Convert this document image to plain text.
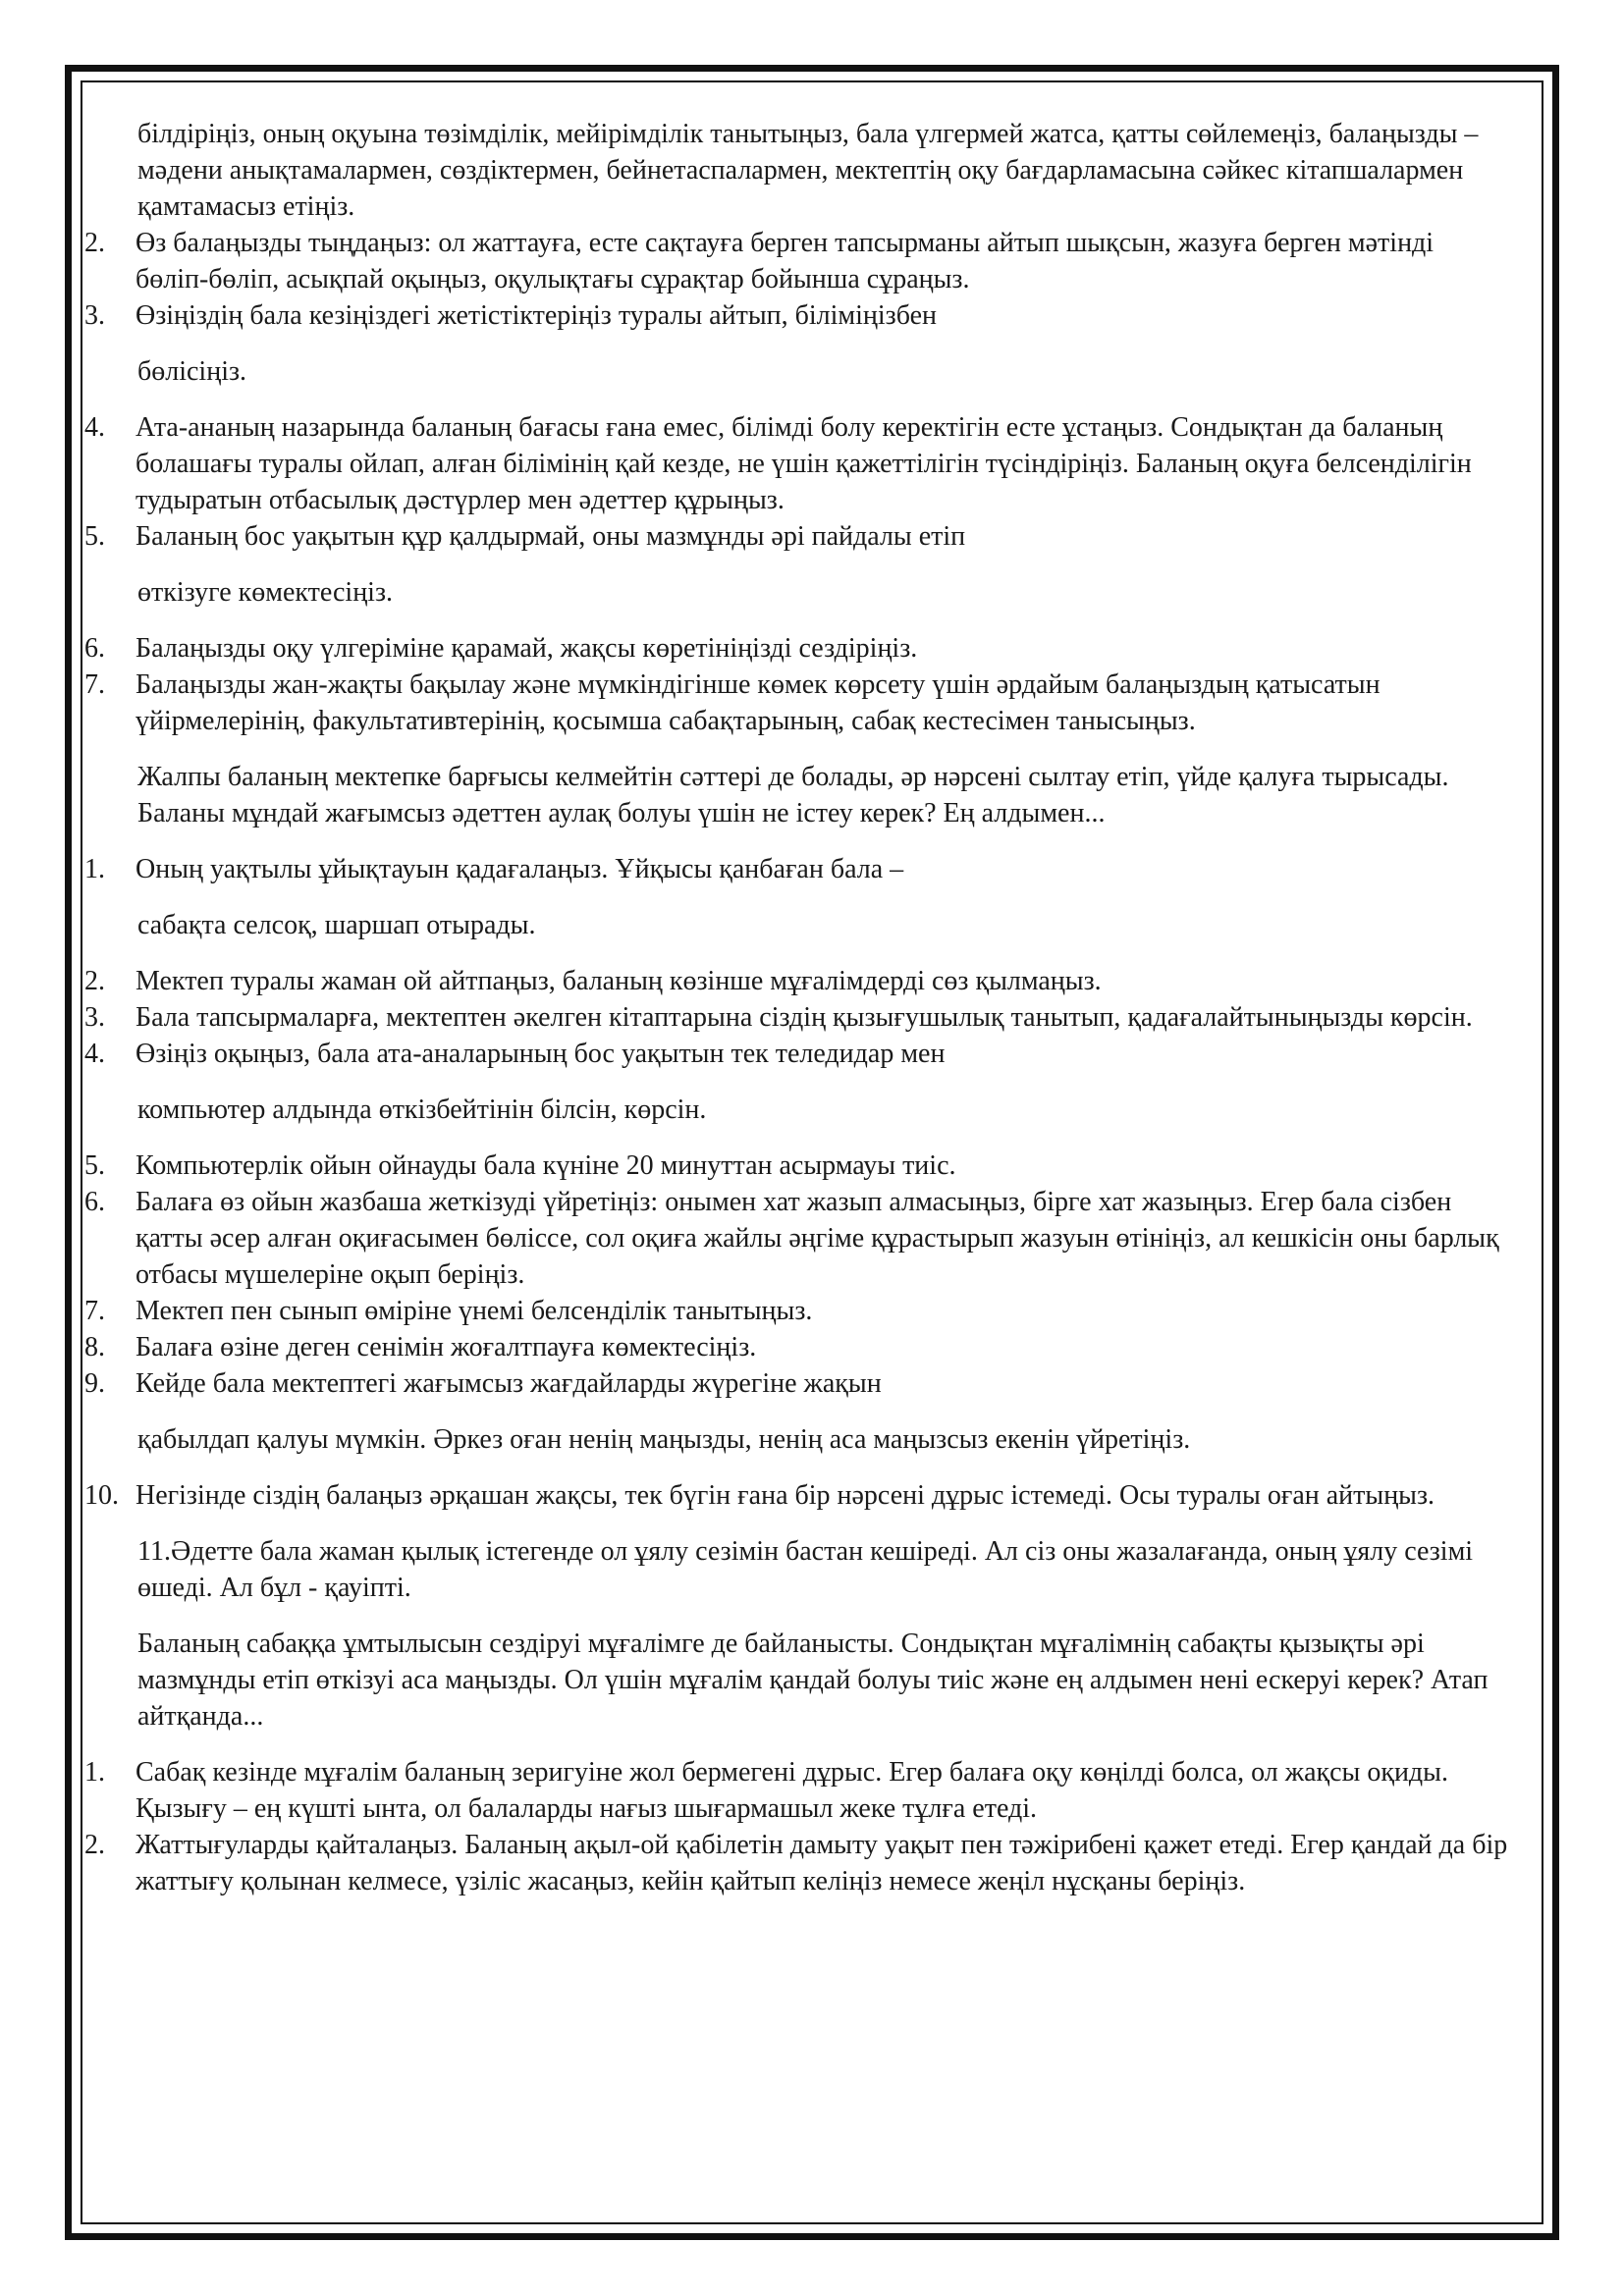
білдіріңіз, оның оқуына төзімділік, мейірімділік танытыңыз, бала үлгермей жатса, қатты сөйлемеңіз, балаңызды – мәдени анықтамалармен, сөздіктермен, бейнетаспалармен, мектептің оқу бағдарламасына сәйкес кітапшалармен қамтамасыз етіңіз.
2.	Өз балаңызды тыңдаңыз: ол жаттауға, есте сақтауға берген тапсырманы айтып шықсын, жазуға берген мәтінді бөліп-бөліп, асықпай оқыңыз, оқулықтағы сұрақтар бойынша сұраңыз.
3.	Өзіңіздің бала кезіңіздегі жетістіктеріңіз туралы айтып, біліміңізбен
бөлісіңіз.
4.	Ата-ананың назарында баланың бағасы ғана емес, білімді болу керектігін есте ұстаңыз. Сондықтан да баланың болашағы туралы ойлап, алған білімінің қай кезде, не үшін қажеттілігін түсіндіріңіз. Баланың оқуға белсенділігін тудыратын отбасылық дәстүрлер мен әдеттер құрыңыз.
5.	Баланың бос уақытын құр қалдырмай, оны мазмұнды әрі пайдалы етіп
өткізуге көмектесіңіз.
6.	Балаңызды оқу үлгеріміне қарамай, жақсы көретініңізді сездіріңіз.
7.	Балаңызды жан-жақты бақылау және мүмкіндігінше көмек көрсету үшін әрдайым балаңыздың қатысатын үйірмелерінің, факультативтерінің, қосымша сабақтарының, сабақ кестесімен танысыңыз.
Жалпы баланың мектепке барғысы келмейтін сәттері де болады, әр нәрсені сылтау етіп, үйде қалуға тырысады. Баланы мұндай жағымсыз әдеттен аулақ болуы үшін не істеу керек? Ең алдымен...
1.	Оның уақтылы ұйықтауын қадағалаңыз. Ұйқысы қанбаған бала –
сабақта селсоқ, шаршап отырады.
2.	Мектеп туралы жаман ой айтпаңыз, баланың көзінше мұғалімдерді сөз қылмаңыз.
3.	Бала тапсырмаларға, мектептен әкелген кітаптарына сіздің қызығушылық танытып, қадағалайтыныңызды көрсін.
4.	Өзіңіз оқыңыз, бала ата-аналарының бос уақытын тек теледидар мен
компьютер алдында өткізбейтінін білсін, көрсін.
5.	Компьютерлік ойын ойнауды бала күніне 20 минуттан асырмауы тиіс.
6.	Балаға өз ойын жазбаша жеткізуді үйретіңіз: онымен хат жазып алмасыңыз, бірге хат жазыңыз. Егер бала сізбен қатты әсер алған оқиғасымен бөліссе, сол оқиға жайлы әңгіме құрастырып жазуын өтініңіз, ал кешкісін оны барлық отбасы мүшелеріне оқып беріңіз.
7.	Мектеп пен сынып өміріне үнемі белсенділік танытыңыз.
8.	Балаға өзіне деген сенімін жоғалтпауға көмектесіңіз.
9.	Кейде бала мектептегі жағымсыз жағдайларды жүрегіне жақын
қабылдап қалуы мүмкін. Әркез оған ненің маңызды, ненің аса маңызсыз екенін үйретіңіз.
10. Негізінде сіздің балаңыз әрқашан жақсы, тек бүгін ғана бір нәрсені дұрыс істемеді. Осы туралы оған айтыңыз.
11.Әдетте бала жаман қылық істегенде ол ұялу сезімін бастан кешіреді. Ал сіз оны жазалағанда, оның ұялу сезімі өшеді. Ал бұл - қауіпті.
Баланың сабаққа ұмтылысын сездіруі мұғалімге де байланысты. Сондықтан мұғалімнің сабақты қызықты әрі мазмұнды етіп өткізуі аса маңызды. Ол үшін мұғалім қандай болуы тиіс және ең алдымен нені ескеруі керек? Атап айтқанда...
1.	Сабақ кезінде мұғалім баланың зеригуіне жол бермегені дұрыс. Егер балаға оқу көңілді болса, ол жақсы оқиды. Қызығу – ең күшті ынта, ол балаларды нағыз шығармашыл жеке тұлға етеді.
2.	Жаттығуларды қайталаңыз. Баланың ақыл-ой қабілетін дамыту уақыт пен тәжірибені қажет етеді. Егер қандай да бір жаттығу қолынан келмесе, үзіліс жасаңыз, кейін қайтып келіңіз немесе жеңіл нұсқаны беріңіз.
